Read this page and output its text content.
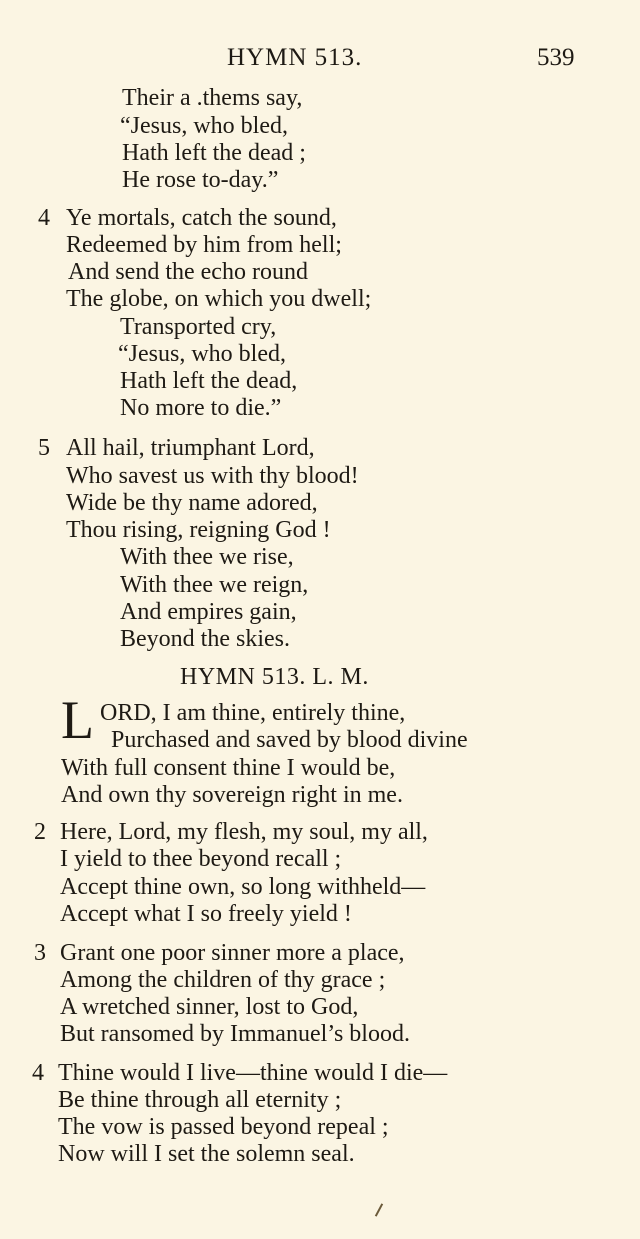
HYMN 513.	539
Their a .thems say,
“Jesus, who bled,
Hath left the dead ;
He rose to-day.”
4 Ye mortals, catch the sound,
Redeemed by him from hell;
And send the echo round
The globe, on which you dwell;
Transported cry,
“Jesus, who bled,
Hath left the dead,
No more to die.”
5 All hail, triumphant Lord,
Who savest us with thy blood!
Wide be thy name adored,
Thou rising, reigning God !
With thee we rise,
With thee we reign,
And empires gain,
Beyond the skies.
HYMN 513. L. M.
L ORD, I am thine, entirely thine,
Purchased and saved by blood divine
With full consent thine I would be,
And own thy sovereign right in me.
2 Here, Lord, my flesh, my soul, my all,
I yield to thee beyond recall ;
Accept thine own, so long withheld—
Accept what I so freely yield !
3 Grant one poor sinner more a place,
Among the children of thy grace ;
A wretched sinner, lost to God,
But ransomed by Immanuel’s blood.
4 Thine would I live—thine would I die—
Be thine through all eternity ;
The vow is passed beyond repeal ;
Now will I set the solemn seal.
